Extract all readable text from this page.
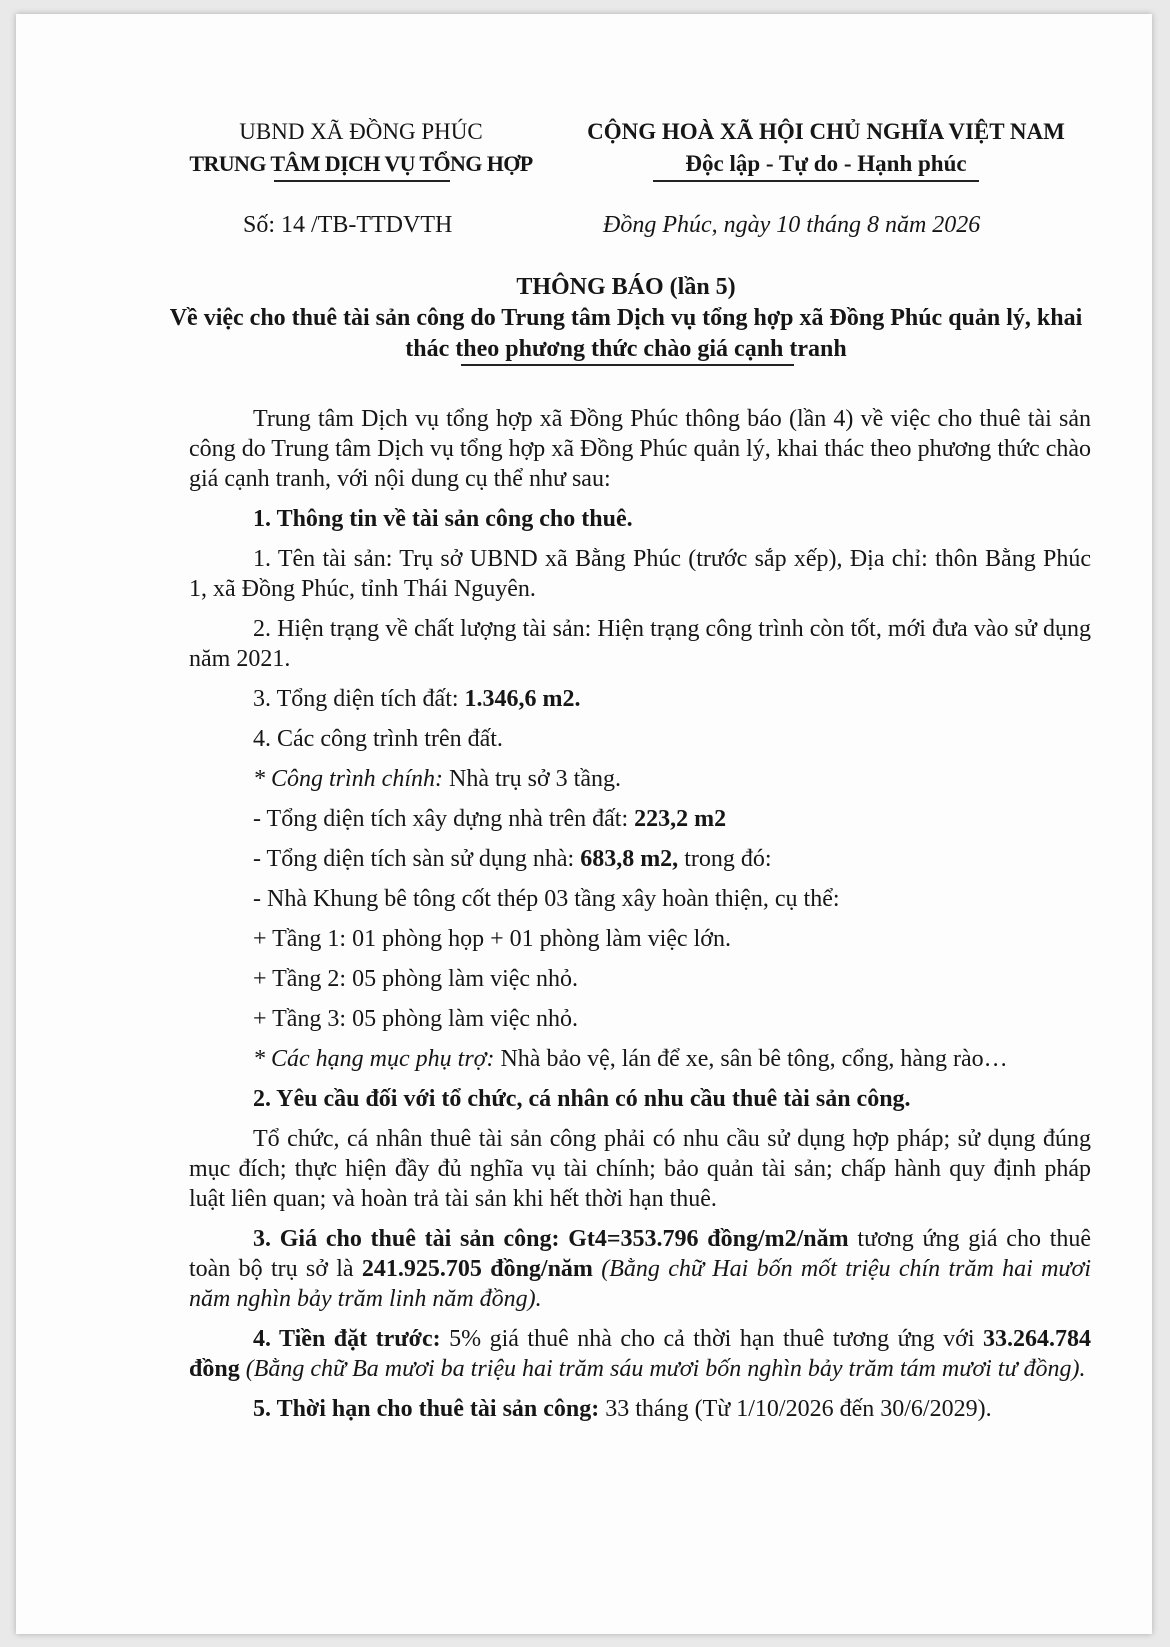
UBND XÃ ĐỒNG PHÚC
TRUNG TÂM DỊCH VỤ TỔNG HỢP
CỘNG HOÀ XÃ HỘI CHỦ NGHĨA VIỆT NAM
Độc lập - Tự do - Hạnh phúc
Số: 14 /TB-TTDVTH	Đồng Phúc, ngày 10 tháng 8 năm 2026
THÔNG BÁO (lần 5)
Về việc cho thuê tài sản công do Trung tâm Dịch vụ tổng hợp xã Đồng Phúc quản lý, khai thác theo phương thức chào giá cạnh tranh

Trung tâm Dịch vụ tổng hợp xã Đồng Phúc thông báo (lần 4) về việc cho thuê tài sản công do Trung tâm Dịch vụ tổng hợp xã Đồng Phúc quản lý, khai thác theo phương thức chào giá cạnh tranh, với nội dung cụ thể như sau:

1. Thông tin về tài sản công cho thuê.

1. Tên tài sản: Trụ sở UBND xã Bằng Phúc (trước sắp xếp), Địa chỉ: thôn Bằng Phúc 1, xã Đồng Phúc, tỉnh Thái Nguyên.

2. Hiện trạng về chất lượng tài sản: Hiện trạng công trình còn tốt, mới đưa vào sử dụng năm 2021.

3. Tổng diện tích đất: 1.346,6 m2.

4. Các công trình trên đất.

* Công trình chính: Nhà trụ sở 3 tầng.

- Tổng diện tích xây dựng nhà trên đất: 223,2 m2

- Tổng diện tích sàn sử dụng nhà: 683,8 m2, trong đó:

- Nhà Khung bê tông cốt thép 03 tầng xây hoàn thiện, cụ thể:

+ Tầng 1: 01 phòng họp + 01 phòng làm việc lớn.

+ Tầng 2: 05 phòng làm việc nhỏ.

+ Tầng 3: 05 phòng làm việc nhỏ.

* Các hạng mục phụ trợ: Nhà bảo vệ, lán để xe, sân bê tông, cổng, hàng rào…

2. Yêu cầu đối với tổ chức, cá nhân có nhu cầu thuê tài sản công.

Tổ chức, cá nhân thuê tài sản công phải có nhu cầu sử dụng hợp pháp; sử dụng đúng mục đích; thực hiện đầy đủ nghĩa vụ tài chính; bảo quản tài sản; chấp hành quy định pháp luật liên quan; và hoàn trả tài sản khi hết thời hạn thuê.

3. Giá cho thuê tài sản công: Gt4=353.796 đồng/m2/năm tương ứng giá cho thuê toàn bộ trụ sở là 241.925.705 đồng/năm (Bằng chữ Hai bốn mốt triệu chín trăm hai mươi năm nghìn bảy trăm linh năm đồng).

4. Tiền đặt trước: 5% giá thuê nhà cho cả thời hạn thuê tương ứng với 33.264.784 đồng (Bằng chữ Ba mươi ba triệu hai trăm sáu mươi bốn nghìn bảy trăm tám mươi tư đồng).

5. Thời hạn cho thuê tài sản công: 33 tháng (Từ 1/10/2026 đến 30/6/2029).
